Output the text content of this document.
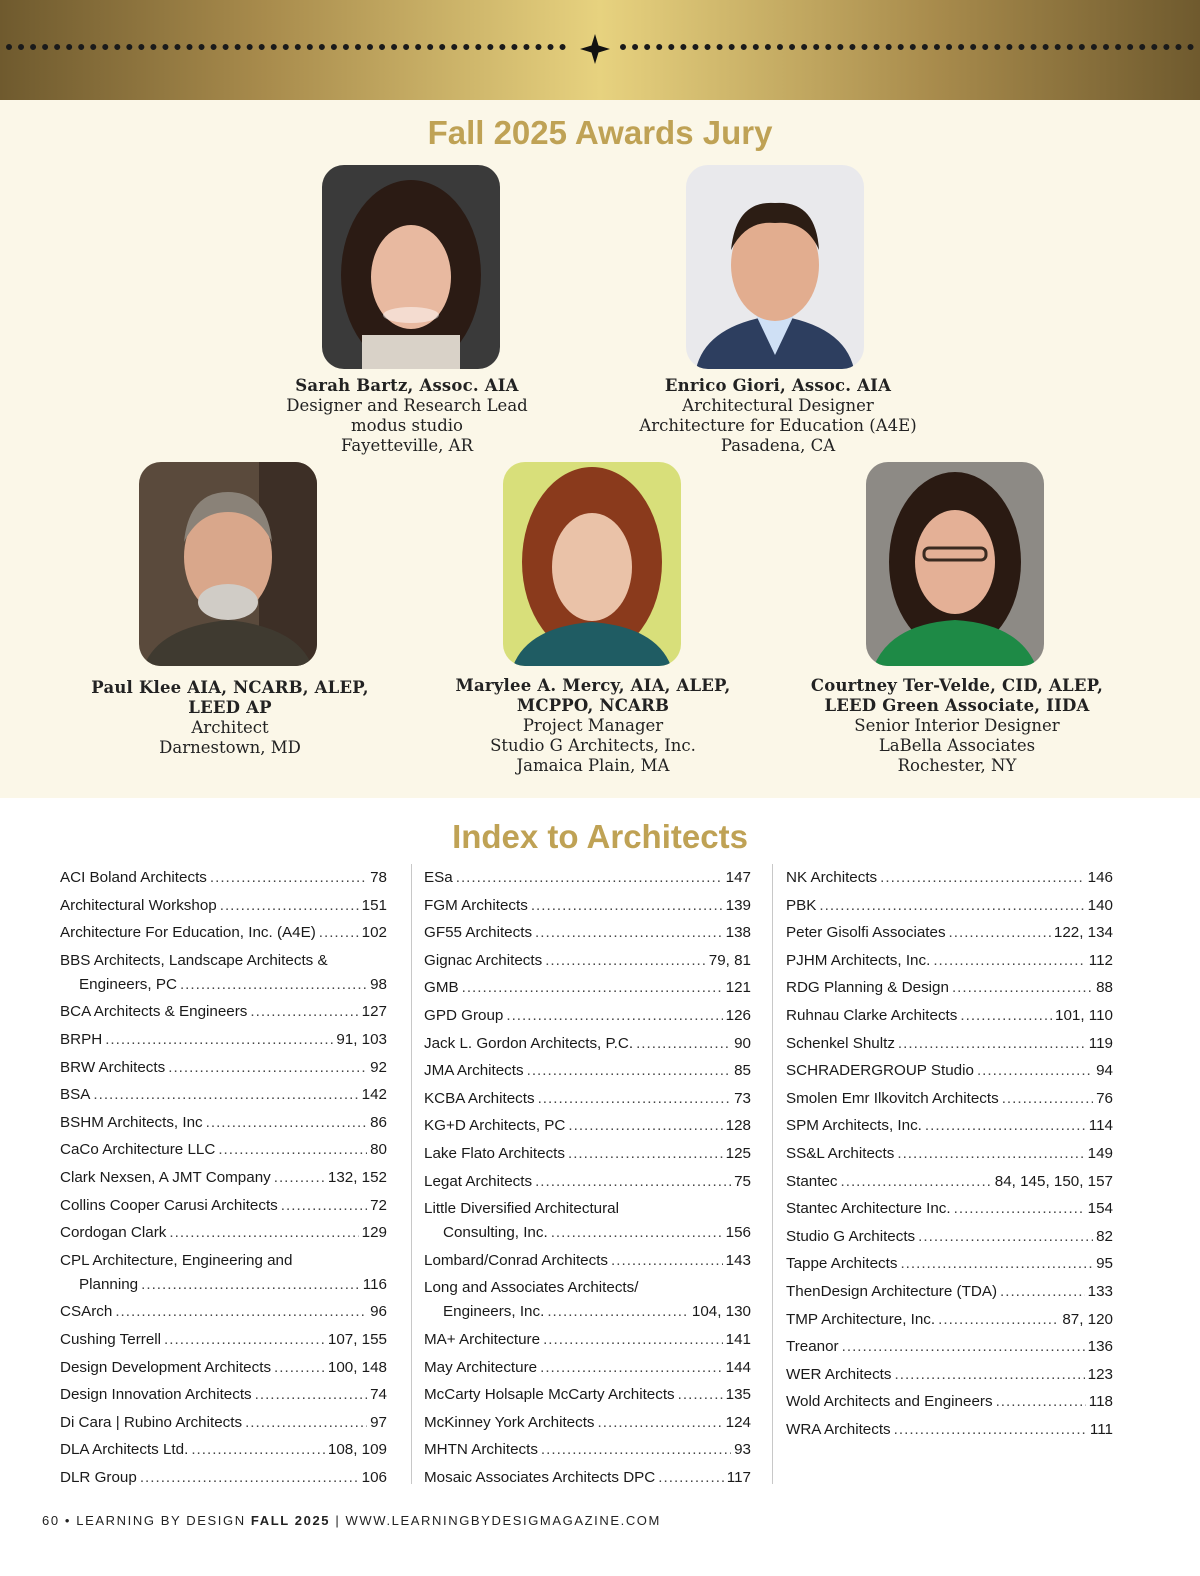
Fall 2025 Awards Jury
Sarah Bartz, Assoc. AIA
Designer and Research Lead
modus studio
Fayetteville, AR
Enrico Giori, Assoc. AIA
Architectural Designer
Architecture for Education (A4E)
Pasadena, CA
Paul Klee AIA, NCARB, ALEP,
LEED AP
Architect
Darnestown, MD
Marylee A. Mercy, AIA, ALEP,
MCPPO, NCARB
Project Manager
Studio G Architects, Inc.
Jamaica Plain, MA
Courtney Ter-Velde, CID, ALEP,
LEED Green Associate, IIDA
Senior Interior Designer
LaBella Associates
Rochester, NY
Index to Architects
ACI Boland Architects .....	78
Architectural Workshop .....	151
Architecture For Education, Inc. (A4E) .....	102
BBS Architects, Landscape Architects &
Engineers, PC .....	98
BCA Architects & Engineers .....	127
BRPH .....	91, 103
BRW Architects .....	92
BSA .....	142
BSHM Architects, Inc .....	86
CaCo Architecture LLC .....	80
Clark Nexsen, A JMT Company .....	132, 152
Collins Cooper Carusi Architects .....	72
Cordogan Clark .....	129
CPL Architecture, Engineering and
Planning .....	116
CSArch .....	96
Cushing Terrell .....	107, 155
Design Development Architects .....	100, 148
Design Innovation Architects .....	74
Di Cara | Rubino Architects .....	97
DLA Architects Ltd. .....	108, 109
DLR Group .....	106
ESa .....	147
FGM Architects .....	139
GF55 Architects .....	138
Gignac Architects .....	79, 81
GMB .....	121
GPD Group .....	126
Jack L. Gordon Architects, P.C. .....	90
JMA Architects .....	85
KCBA Architects .....	73
KG+D Architects, PC .....	128
Lake Flato Architects .....	125
Legat Architects .....	75
Little Diversified Architectural
Consulting, Inc. .....	156
Lombard/Conrad Architects .....	143
Long and Associates Architects/
Engineers, Inc. .....	104, 130
MA+ Architecture .....	141
May Architecture .....	144
McCarty Holsaple McCarty Architects .....	135
McKinney York Architects .....	124
MHTN Architects .....	93
Mosaic Associates Architects DPC .....	117
NK Architects .....	146
PBK .....	140
Peter Gisolfi Associates .....	122, 134
PJHM Architects, Inc. .....	112
RDG Planning & Design .....	88
Ruhnau Clarke Architects .....	101, 110
Schenkel Shultz .....	119
SCHRADERGROUP Studio .....	94
Smolen Emr Ilkovitch Architects .....	76
SPM Architects, Inc. .....	114
SS&L Architects .....	149
Stantec .....	84, 145, 150, 157
Stantec Architecture Inc. .....	154
Studio G Architects .....	82
Tappe Architects .....	95
ThenDesign Architecture (TDA) .....	133
TMP Architecture, Inc. .....	87, 120
Treanor .....	136
WER Architects .....	123
Wold Architects and Engineers .....	118
WRA Architects .....	111
60 • LEARNING BY DESIGN FALL 2025 | WWW.LEARNINGBYDESIGMAGAZINE.COM
